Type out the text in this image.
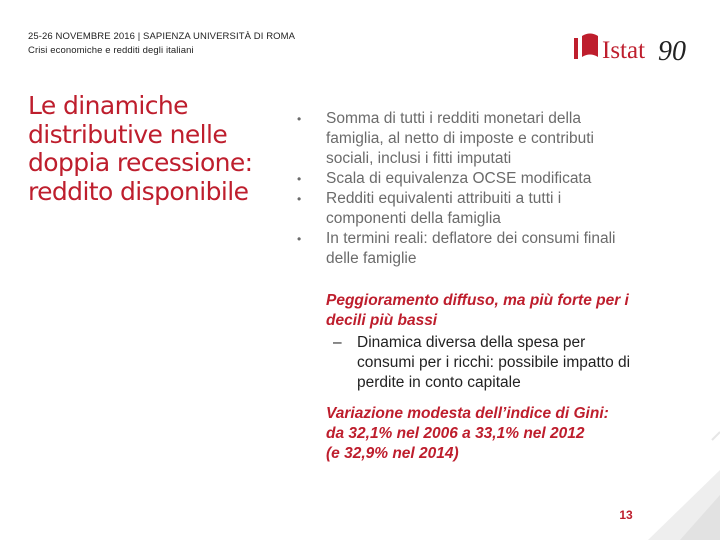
25-26 NOVEMBRE 2016 | SAPIENZA UNIVERSITÀ DI ROMA
Crisi economiche e redditi degli italiani	Istat 90
Le dinamiche
distributive nelle
doppia recessione:
reddito disponibile
• Somma di tutti i redditi monetari della
famiglia, al netto di imposte e contributi
sociali, inclusi i fitti imputati
• Scala di equivalenza OCSE modificata
• Redditi equivalenti attribuiti a tutti i
componenti della famiglia
• In termini reali: deflatore dei consumi finali
delle famiglie
Peggioramento diffuso, ma più forte per i
decili più bassi
– Dinamica diversa della spesa per
consumi per i ricchi: possibile impatto di
perdite in conto capitale
Variazione modesta dell’indice di Gini:
da 32,1% nel 2006 a 33,1% nel 2012
(e 32,9% nel 2014)
13
